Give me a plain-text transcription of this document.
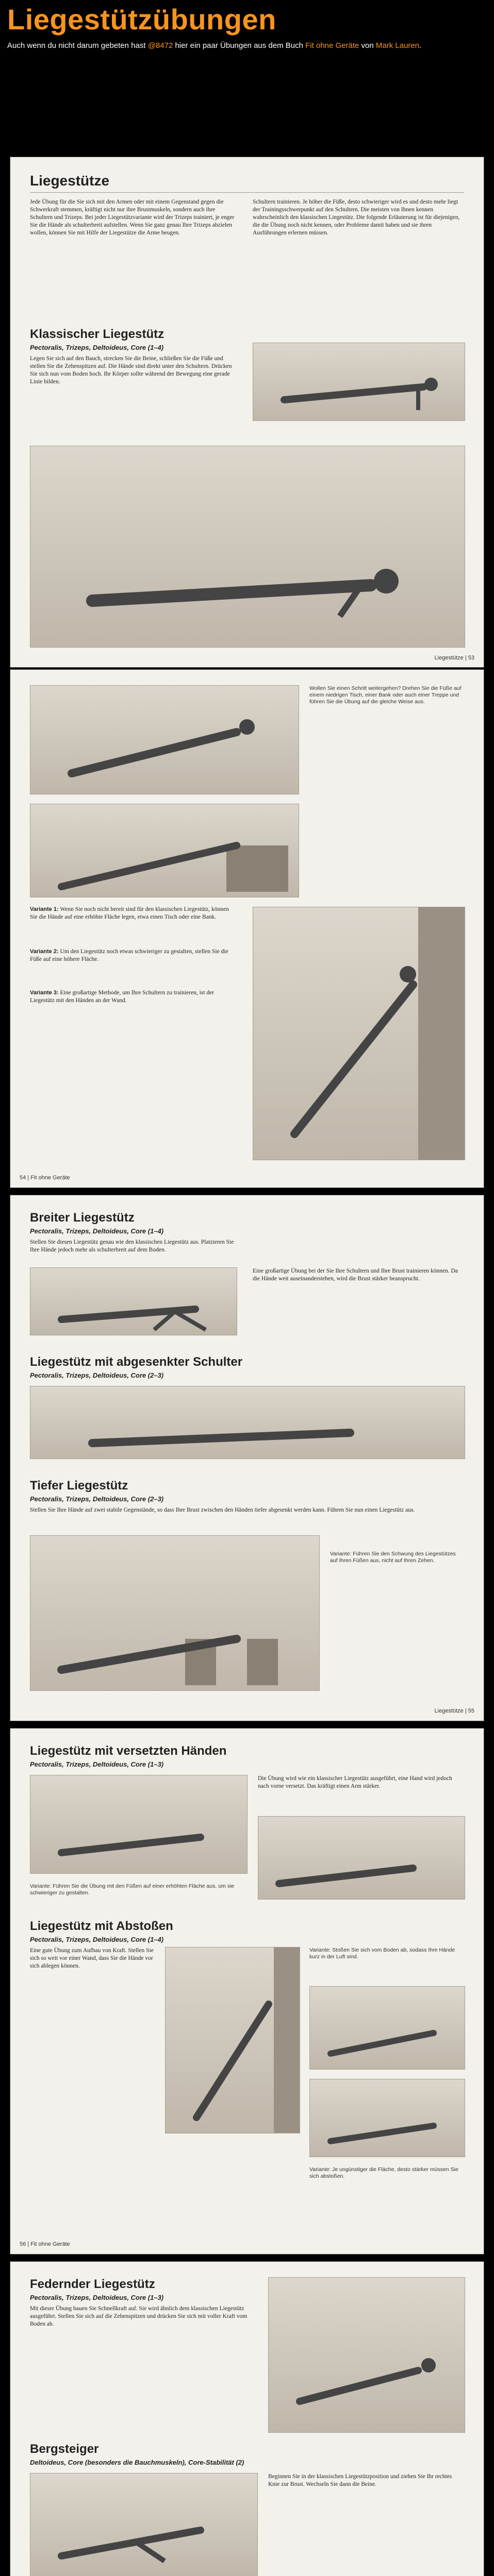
Liegestützübungen
Auch wenn du nicht darum gebeten hast @8472 hier ein paar Übungen aus dem Buch Fit ohne Geräte von Mark Lauren.
Liegestütze
Jede Übung für die Sie sich mit den Armen oder mit einem Gegenstand gegen die Schwerkraft stemmen, kräftigt nicht nur ihre Brustmuskeln, sondern auch ihre Schultern und Trizeps. Bei jeder Liegestützvariante wird der Trizeps trainiert, je enger Sie die Hände als schulterbreit aufstellen. Wenn Sie ganz genau Ihre Trizeps abzielen wollen, können Sie mit Hilfe der Liegestütze die Arme beugen.
Schultern trainieren. Je höher die Füße, desto schwieriger wird es und desto mehr liegt der Trainingsschwerpunkt auf den Schultern. Die meisten von Ihnen kennen wahrscheinlich den klassischen Liegestütz. Die folgende Erläuterung ist für diejenigen, die die Übung noch nicht kennen, oder Probleme damit haben und sie ihren Ausführungen erlernen müssen.
Klassischer Liegestütz
Pectoralis, Trizeps, Deltoideus, Core (1–4)
Legen Sie sich auf den Bauch, strecken Sie die Beine, schließen Sie die Füße und stellen Sie die Zehenspitzen auf. Die Hände sind direkt unter den Schultern. Drücken Sie sich nun vom Boden hoch. Ihr Körper sollte während der Bewegung eine gerade Linie bilden.
Liegestütze | 53
Wollen Sie einen Schritt weitergehen? Drehen Sie die Füße auf einem niedrigen Tisch, einer Bank oder auch einer Treppe und führen Sie die Übung auf die gleiche Weise aus.
Variante 1: Wenn Sie noch nicht bereit sind für den klassischen Liegestütz, können Sie die Hände auf eine erhöhte Fläche legen, etwa einen Tisch oder eine Bank.
Variante 2: Um den Liegestütz noch etwas schwieriger zu gestalten, stellen Sie die Füße auf eine höhere Fläche.
Variante 3: Eine großartige Methode, um Ihre Schultern zu trainieren, ist der Liegestütz mit den Händen an der Wand.
54 | Fit ohne Geräte
Breiter Liegestütz
Pectoralis, Trizeps, Deltoideus, Core (1–4)
Stellen Sie diesen Liegestütz genau wie den klassischen Liegestütz aus. Platzieren Sie Ihre Hände jedoch mehr als schulterbreit auf dem Boden.
Eine großartige Übung bei der Sie Ihre Schultern und Ihre Brust trainieren können. Da die Hände weit auseinanderstehen, wird die Brust stärker beansprucht.
Liegestütz mit abgesenkter Schulter
Pectoralis, Trizeps, Deltoideus, Core (2–3)
Tiefer Liegestütz
Pectoralis, Trizeps, Deltoideus, Core (2–3)
Stellen Sie Ihre Hände auf zwei stabile Gegenstände, so dass Ihre Brust zwischen den Händen tiefer abgesenkt werden kann. Führen Sie nun einen Liegestütz aus.
Variante: Führen Sie den Schwung des Liegestützes auf Ihren Füßen aus, nicht auf Ihren Zehen.
Liegestütze | 55
Liegestütz mit versetzten Händen
Pectoralis, Trizeps, Deltoideus, Core (1–3)
Die Übung wird wie ein klassischer Liegestütz ausgeführt, eine Hand wird jedoch nach vorne versetzt. Das kräftigt einen Arm stärker.
Variante: Führen Sie die Übung mit den Füßen auf einer erhöhten Fläche aus, um sie schwieriger zu gestalten.
Liegestütz mit Abstoßen
Pectoralis, Trizeps, Deltoideus, Core (1–4)
Eine gute Übung zum Aufbau von Kraft. Stellen Sie sich so weit vor einer Wand, dass Sie die Hände vor sich ablegen können.
Variante: Stoßen Sie sich vom Boden ab, sodass Ihre Hände kurz in der Luft sind.
Variante: Je ungünstiger die Fläche, desto stärker müssen Sie sich abstoßen.
56 | Fit ohne Geräte
Federnder Liegestütz
Pectoralis, Trizeps, Deltoideus, Core (1–3)
Mit dieser Übung bauen Sie Schnellkraft auf. Sie wird ähnlich dem klassischen Liegestütz ausgeführt. Stellen Sie sich auf die Zehenspitzen und drücken Sie sich mit voller Kraft vom Boden ab.
Bergsteiger
Deltoideus, Core (besonders die Bauchmuskeln), Core-Stabilität (2)
Beginnen Sie in der klassischen Liegestützposition und ziehen Sie Ihr rechtes Knie zur Brust. Wechseln Sie dann die Beine.
